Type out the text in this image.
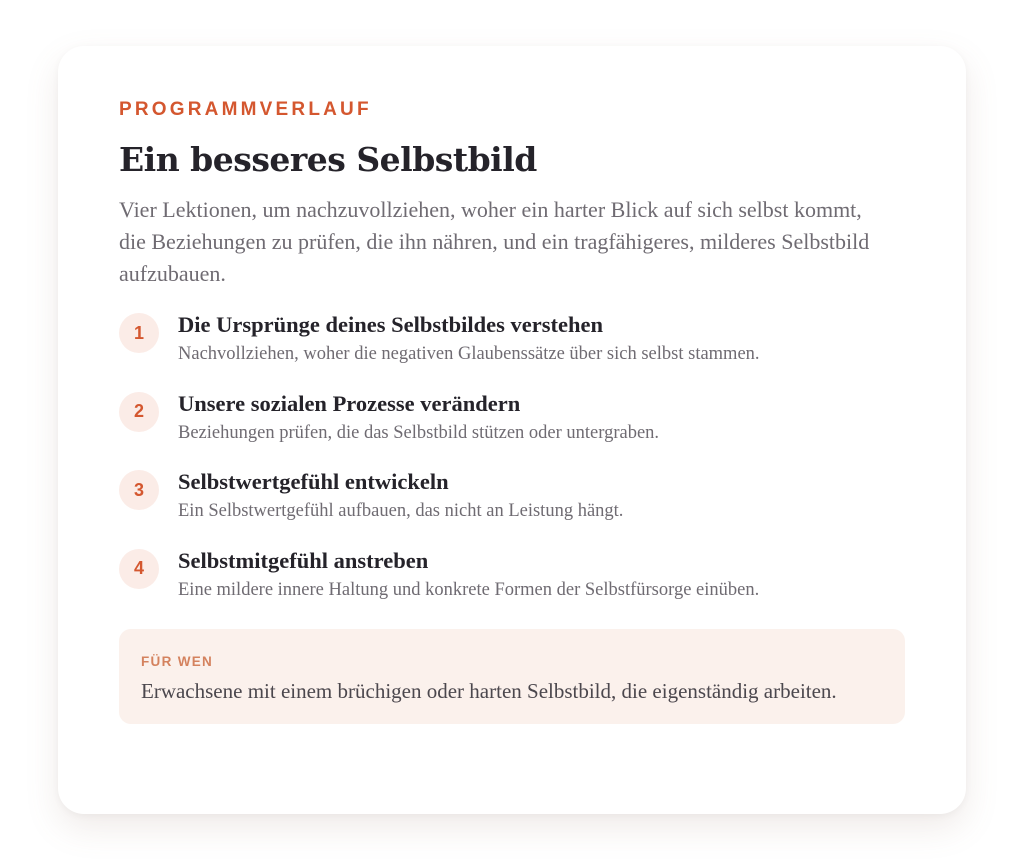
PROGRAMMVERLAUF
Ein besseres Selbstbild

Vier Lektionen, um nachzuvollziehen, woher ein harter Blick auf sich selbst kommt, die Beziehungen zu prüfen, die ihn nähren, und ein tragfähigeres, milderes Selbstbild aufzubauen.

1	Die Ursprünge deines Selbstbildes verstehen
Nachvollziehen, woher die negativen Glaubenssätze über sich selbst stammen.
2	Unsere sozialen Prozesse verändern
Beziehungen prüfen, die das Selbstbild stützen oder untergraben.
3	Selbstwertgefühl entwickeln
Ein Selbstwertgefühl aufbauen, das nicht an Leistung hängt.
4	Selbstmitgefühl anstreben
Eine mildere innere Haltung und konkrete Formen der Selbstfürsorge einüben.
FÜR WEN
Erwachsene mit einem brüchigen oder harten Selbstbild, die eigenständig arbeiten.
